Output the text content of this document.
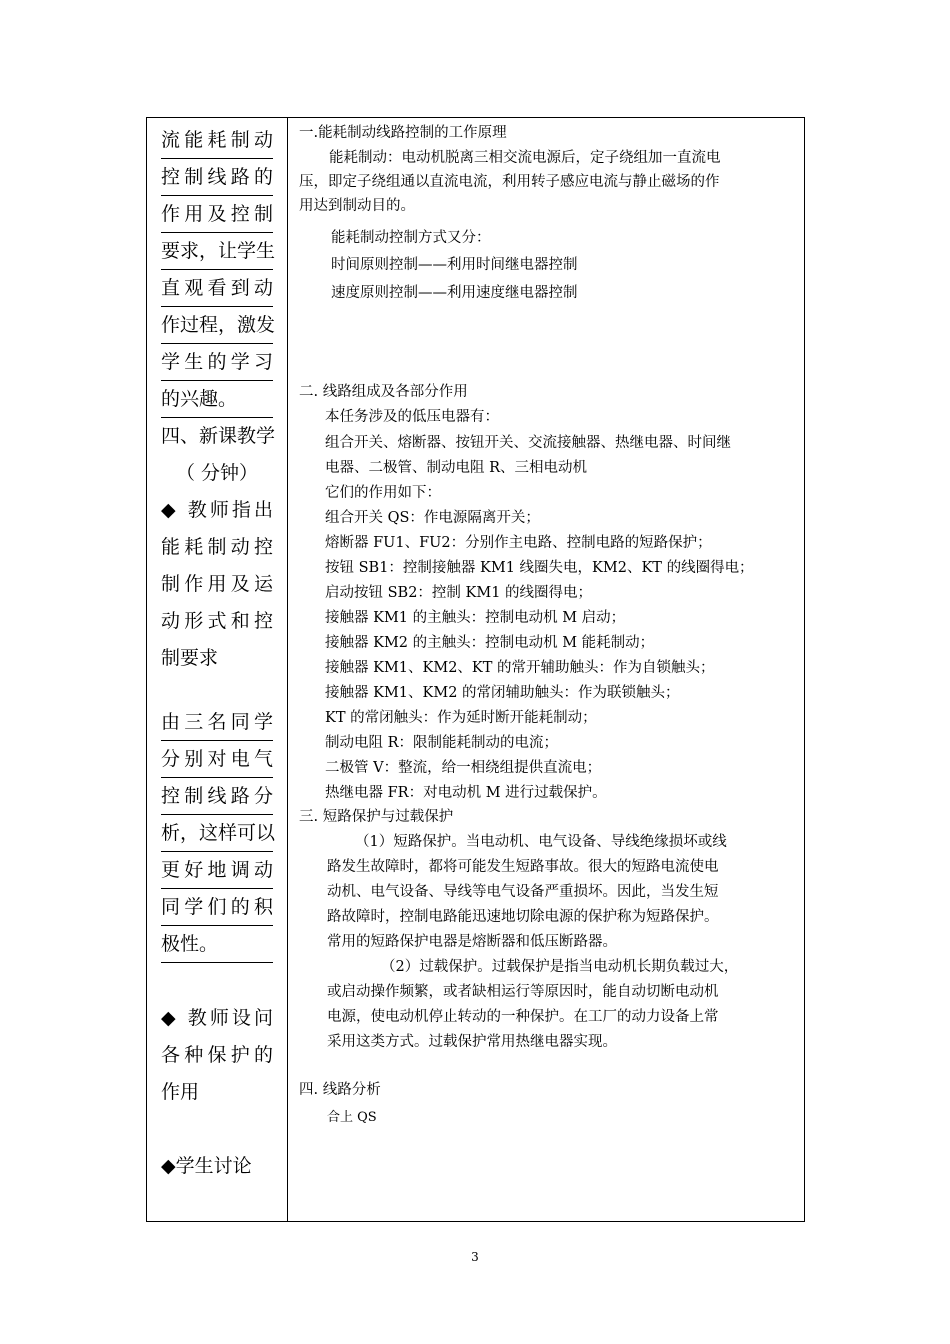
流能耗制动
控制线路的
作用及控制
要求，让学生
直观看到动
作过程，激发
学生的学习
的兴趣。
四、新课教学
（ 分钟）
◆ 教师指出
能耗制动控
制作用及运
动形式和控
制要求
由三名同学
分别对电气
控制线路分
析，这样可以
更好地调动
同学们的积
极性。
◆ 教师设问
各种保护的
作用
◆学生讨论
一.能耗制动线路控制的工作原理
能耗制动：电动机脱离三相交流电源后，定子绕组加一直流电
压，即定子绕组通以直流电流，利用转子感应电流与静止磁场的作
用达到制动目的。
能耗制动控制方式又分：
时间原则控制——利用时间继电器控制
速度原则控制——利用速度继电器控制
二. 线路组成及各部分作用
本任务涉及的低压电器有：
组合开关、熔断器、按钮开关、交流接触器、热继电器、时间继
电器、二极管、制动电阻 R、三相电动机
它们的作用如下：
组合开关 QS：作电源隔离开关；
熔断器 FU1、FU2：分别作主电路、控制电路的短路保护；
按钮 SB1：控制接触器 KM1 线圈失电，KM2、KT 的线圈得电；
启动按钮 SB2：控制 KM1 的线圈得电；
接触器 KM1 的主触头：控制电动机 M 启动；
接触器 KM2 的主触头：控制电动机 M 能耗制动；
接触器 KM1、KM2、KT 的常开辅助触头：作为自锁触头；
接触器 KM1、KM2 的常闭辅助触头：作为联锁触头；
KT 的常闭触头：作为延时断开能耗制动；
制动电阻 R：限制能耗制动的电流；
二极管 V：整流，给一相绕组提供直流电；
热继电器 FR：对电动机 M 进行过载保护。
三. 短路保护与过载保护
（1）短路保护。当电动机、电气设备、导线绝缘损坏或线
路发生故障时，都将可能发生短路事故。很大的短路电流使电
动机、电气设备、导线等电气设备严重损坏。因此，当发生短
路故障时，控制电路能迅速地切除电源的保护称为短路保护。
常用的短路保护电器是熔断器和低压断路器。
（2）过载保护。过载保护是指当电动机长期负载过大，
或启动操作频繁，或者缺相运行等原因时，能自动切断电动机
电源，使电动机停止转动的一种保护。在工厂的动力设备上常
采用这类方式。过载保护常用热继电器实现。
四. 线路分析
合上 QS
3
